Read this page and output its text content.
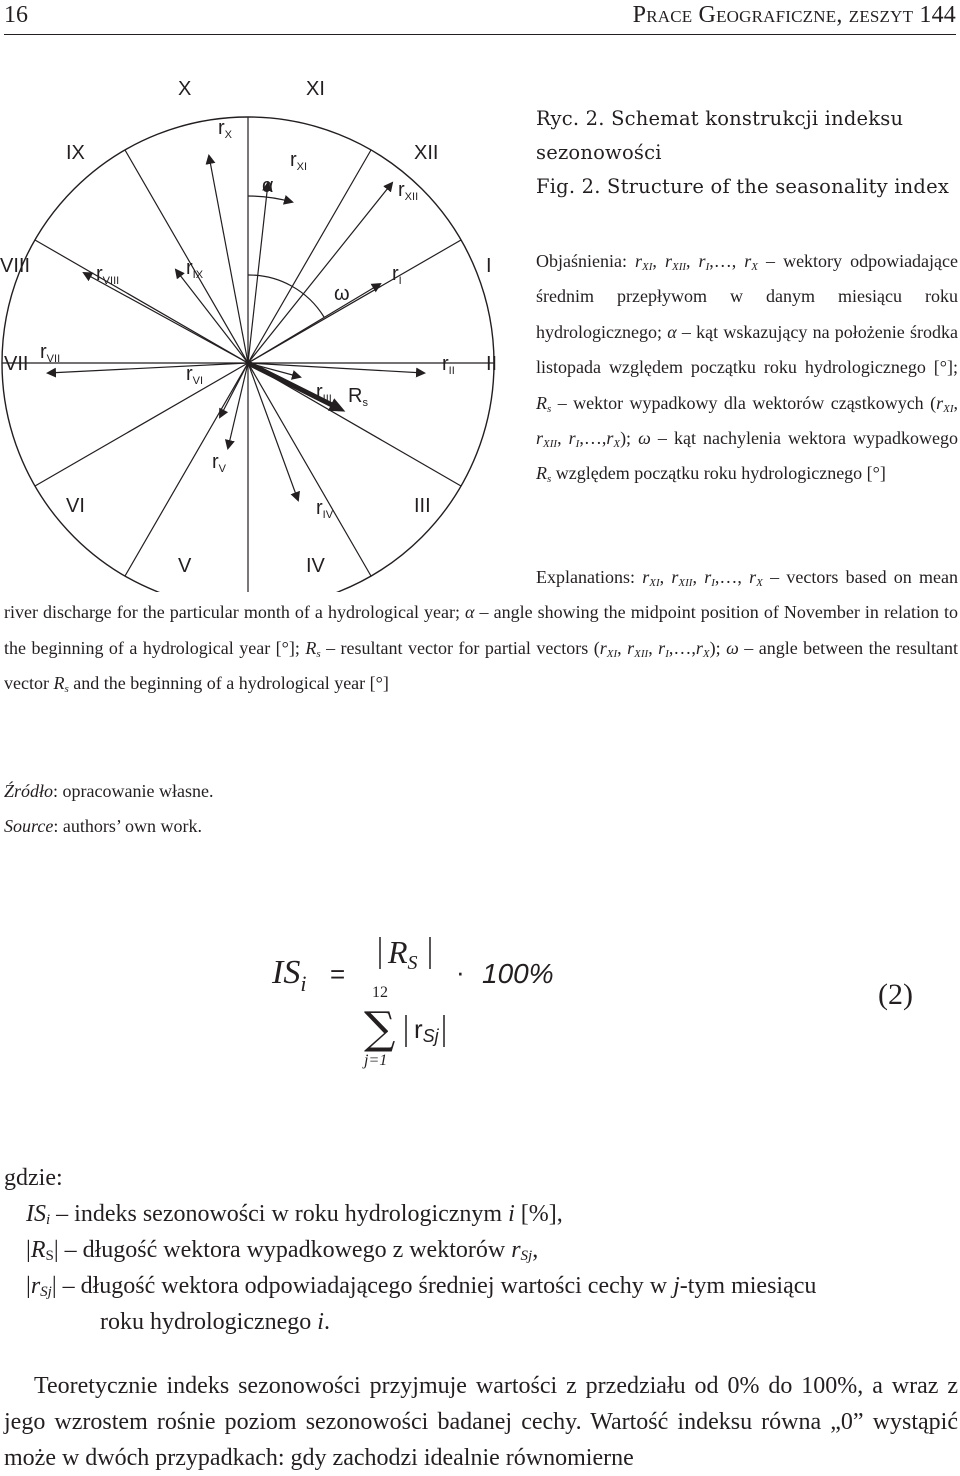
16	Prace Geograficzne, zeszyt 144
X	XI
IX	XII
VIII	I
VII	II
VI	III
V	IV
$r_X$
$r_{XI}$
$r_{XII}$
$r_{VIII}$
$r_{IX}$	$r_I$
$r_{VII}$
$r_{VI}$	$r_{III}$
$r_{II}$
$r_V$
$r_{IV}$
α
ω
$R_s$
Ryc. 2. Schemat konstrukcji indeksu
sezonowości
Fig. 2. Structure of the seasonality index

Objaśnienia: $r_{XI}$, $r_{XII}$, $r_I,\dots$, $r_X$ – wektory odpowiadające średnim przepływom w danym miesiącu roku hydrologicznego; α – kąt wskazujący na położenie środka listopada względem początku roku hydrologicznego [°]; $R_s$ – wektor wypadkowy dla wektorów cząstkowych ($r_{XI}$, $r_{XII}$, $r_I,\dots,r_X$); ω – kąt nachylenia wektora wypadkowego $R_s$ względem początku roku hydrologicznego [°]

Explanations: $r_{XI}$, $r_{XII}$, $r_I,\dots$, $r_X$ – vectors based on mean river discharge for the particular month of a hydrological year; α – angle showing the midpoint position of November in relation to the beginning of a hydrological year [°]; $R_s$ – resultant vector for partial vectors ($r_{XI}$, $r_{XII}$, $r_I,\dots,r_X$); ω – angle between the resultant vector $R_s$ and the beginning of a hydrological year [°]

Źródło: opracowanie własne.
Source: authors’ own work.
$IS_i$ =
RS
12
∑
j=1
rSj
· 100%
(2)
gdzie:
$IS_i$ – indeks sezonowości w roku hydrologicznym i [%],
$|R_S|$ – długość wektora wypadkowego z wektorów $r_{Sj}$,
$|r_{Sj}|$ – długość wektora odpowiadającego średniej wartości cechy w j-tym miesiącu
roku hydrologicznego i.

Teoretycznie indeks sezonowości przyjmuje wartości z przedziału od 0% do 100%, a wraz z jego wzrostem rośnie poziom sezonowości badanej cechy. Wartość indeksu równa „0” wystąpić może w dwóch przypadkach: gdy zachodzi idealnie równomierne
